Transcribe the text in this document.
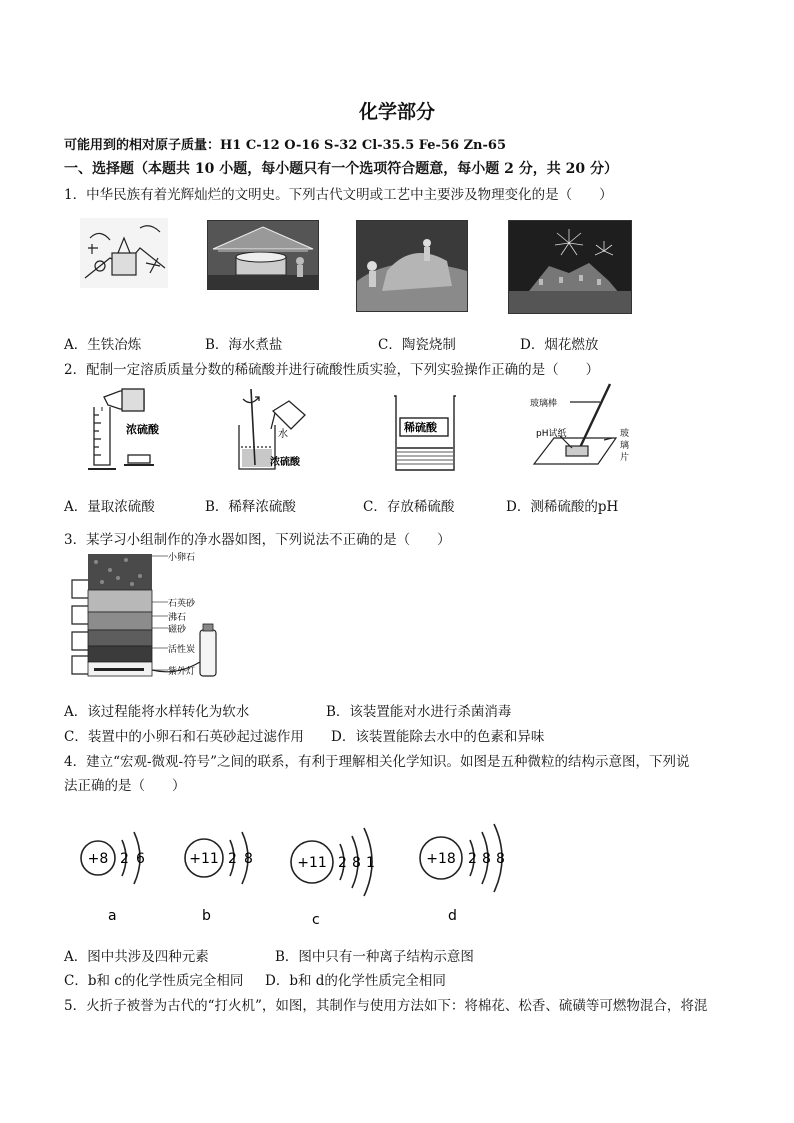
化学部分
可能用到的相对原子质量：H1 C-12 O-16 S-32 Cl-35.5 Fe-56 Zn-65
一、选择题（本题共 10 小题，每小题只有一个选项符合题意，每小题 2 分，共 20 分）
1．中华民族有着光辉灿烂的文明史。下列古代文明或工艺中主要涉及物理变化的是（　　）
A．生铁冶炼	B．海水煮盐	C．陶瓷烧制	D．烟花燃放
2．配制一定溶质质量分数的稀硫酸并进行硫酸性质实验，下列实验操作正确的是（　　）
浓硫酸	水
浓硫酸
稀硫酸
玻璃棒
pH试纸	玻
璃
片
A．量取浓硫酸	B．稀释浓硫酸	C．存放稀硫酸	D．测稀硫酸的pH
3．某学习小组制作的净水器如图，下列说法不正确的是（　　）
小卵石
石英砂
沸石
磁砂
活性炭
紫外灯
A．该过程能将水样转化为软水	B．该装置能对水进行杀菌消毒
C．装置中的小卵石和石英砂起过滤作用 D．该装置能除去水中的色素和异味
4．建立“宏观-微观-符号”之间的联系，有利于理解相关化学知识。如图是五种微粒的结构示意图，下列说
法正确的是（　　）
+8 2 6
a
+11 2 8
b
+11 2 8 1
c
+18 2 8 8
d
A．图中共涉及四种元素	B．图中只有一种离子结构示意图
C．b和 c的化学性质完全相同 D．b和 d的化学性质完全相同
5．火折子被誉为古代的“打火机”，如图，其制作与使用方法如下：将棉花、松香、硫磺等可燃物混合，将混
